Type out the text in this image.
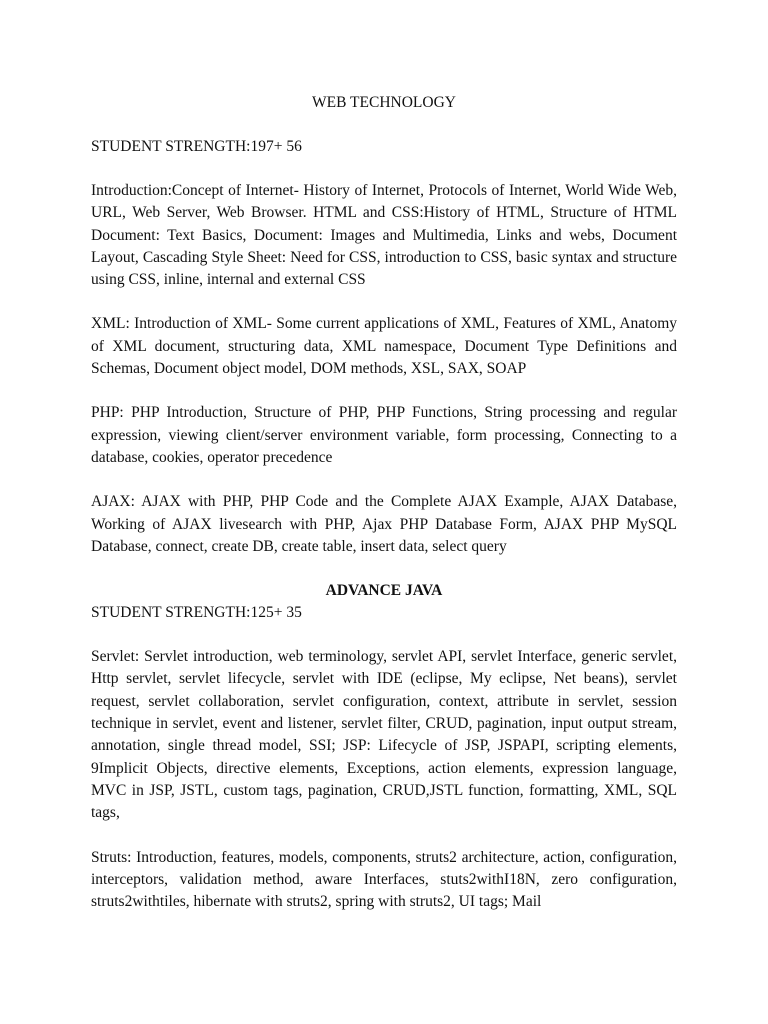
WEB TECHNOLOGY

STUDENT STRENGTH:197+ 56

Introduction:Concept of Internet- History of Internet, Protocols of Internet, World Wide Web, URL, Web Server, Web Browser. HTML and CSS:History of HTML, Structure of HTML Document: Text Basics, Document: Images and Multimedia, Links and webs, Document Layout, Cascading Style Sheet: Need for CSS, introduction to CSS, basic syntax and structure using CSS, inline, internal and external CSS

XML: Introduction of XML- Some current applications of XML, Features of XML, Anatomy of XML document, structuring data, XML namespace, Document Type Definitions and Schemas, Document object model, DOM methods, XSL, SAX, SOAP

PHP: PHP Introduction, Structure of PHP, PHP Functions, String processing and regular expression, viewing client/server environment variable, form processing, Connecting to a database, cookies, operator precedence

AJAX: AJAX with PHP, PHP Code and the Complete AJAX Example, AJAX Database, Working of AJAX livesearch with PHP, Ajax PHP Database Form, AJAX PHP MySQL Database, connect, create DB, create table, insert data, select query

ADVANCE JAVA

STUDENT STRENGTH:125+ 35

Servlet: Servlet introduction, web terminology, servlet API, servlet Interface, generic servlet, Http servlet, servlet lifecycle, servlet with IDE (eclipse, My eclipse, Net beans), servlet request, servlet collaboration, servlet configuration, context, attribute in servlet, session technique in servlet, event and listener, servlet filter, CRUD, pagination, input output stream, annotation, single thread model, SSI; JSP: Lifecycle of JSP, JSPAPI, scripting elements, 9Implicit Objects, directive elements, Exceptions, action elements, expression language, MVC in JSP, JSTL, custom tags, pagination, CRUD,JSTL function, formatting, XML, SQL tags,

Struts: Introduction, features, models, components, struts2 architecture, action, configuration, interceptors, validation method, aware Interfaces, stuts2withI18N, zero configuration, struts2withtiles, hibernate with struts2, spring with struts2, UI tags; Mail
